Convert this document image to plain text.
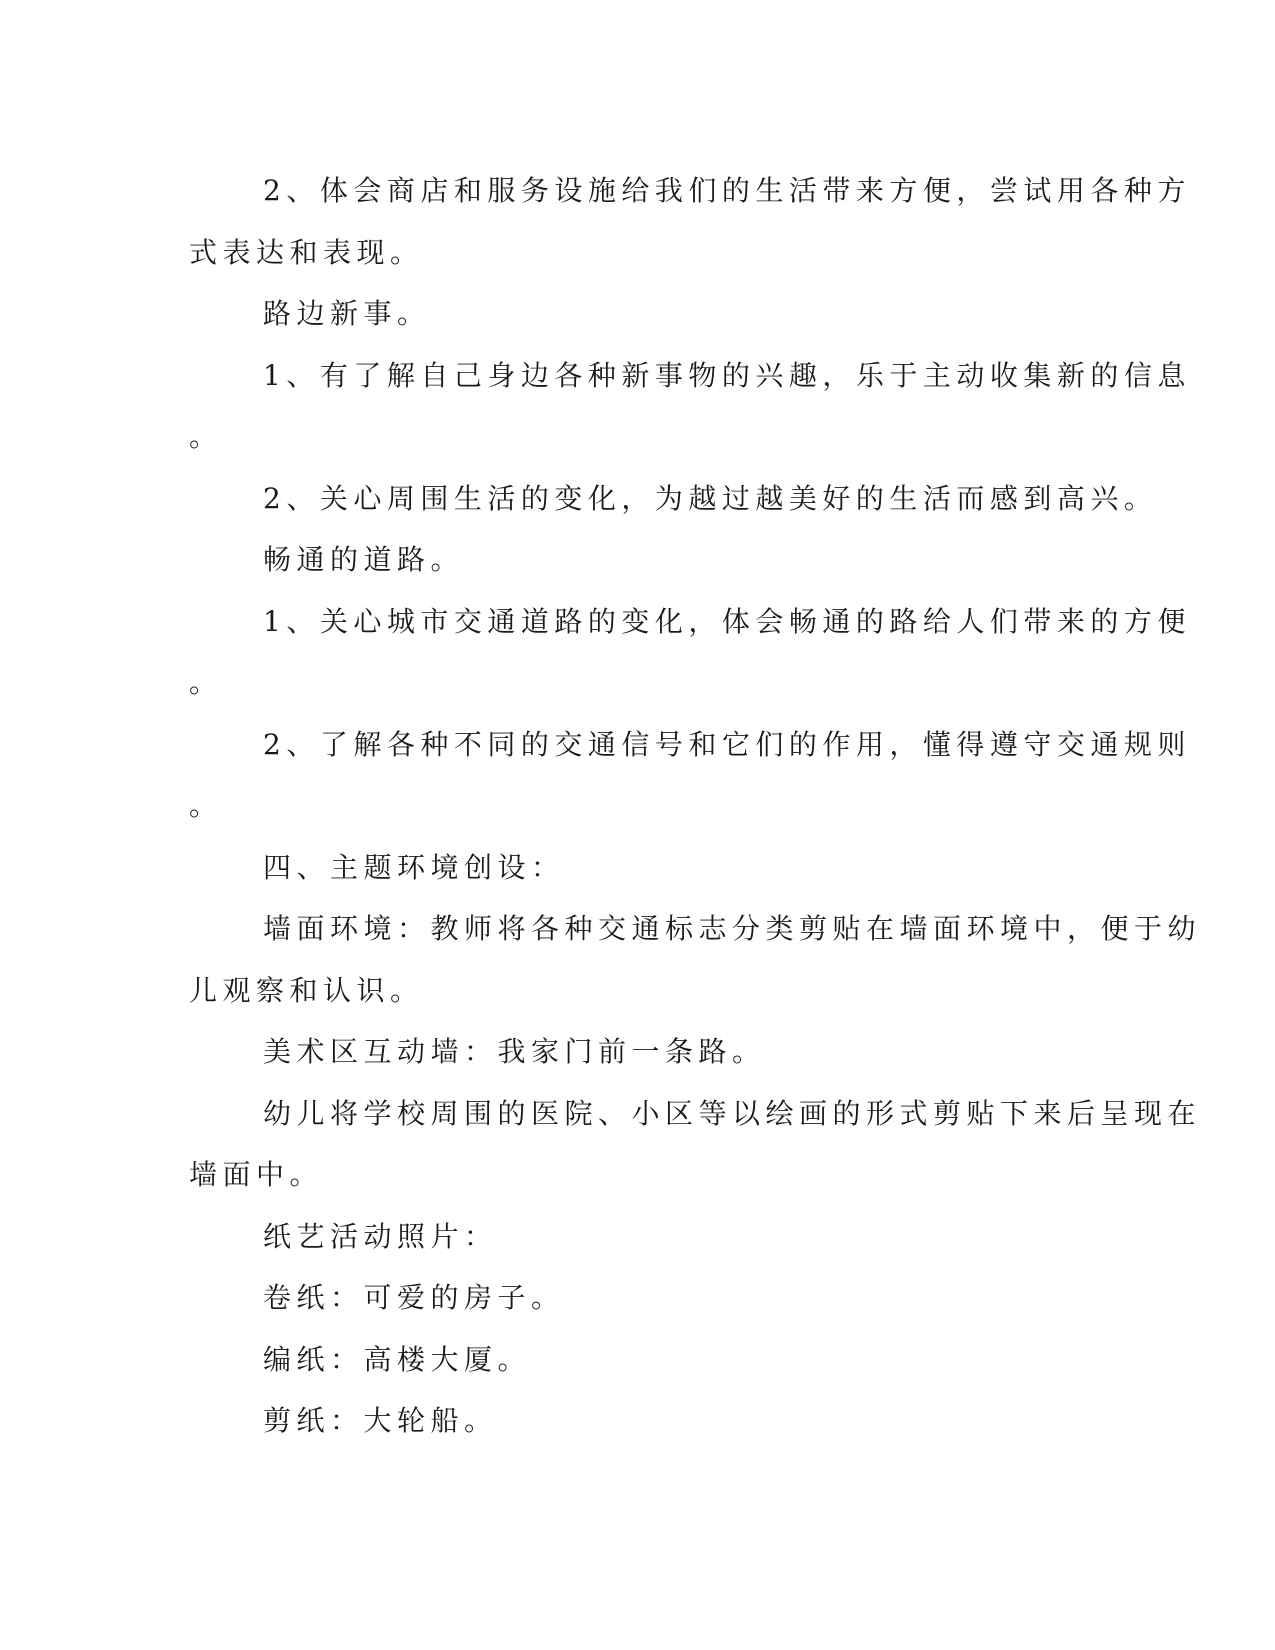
2、体会商店和服务设施给我们的生活带来方便，尝试用各种方
式表达和表现。
路边新事。
1、有了解自己身边各种新事物的兴趣，乐于主动收集新的信息
。
2、关心周围生活的变化，为越过越美好的生活而感到高兴。
畅通的道路。
1、关心城市交通道路的变化，体会畅通的路给人们带来的方便
。
2、了解各种不同的交通信号和它们的作用，懂得遵守交通规则
。
四、主题环境创设：
墙面环境：教师将各种交通标志分类剪贴在墙面环境中，便于幼
儿观察和认识。
美术区互动墙：我家门前一条路。
幼儿将学校周围的医院、小区等以绘画的形式剪贴下来后呈现在
墙面中。
纸艺活动照片：
卷纸：可爱的房子。
编纸：高楼大厦。
剪纸：大轮船。
